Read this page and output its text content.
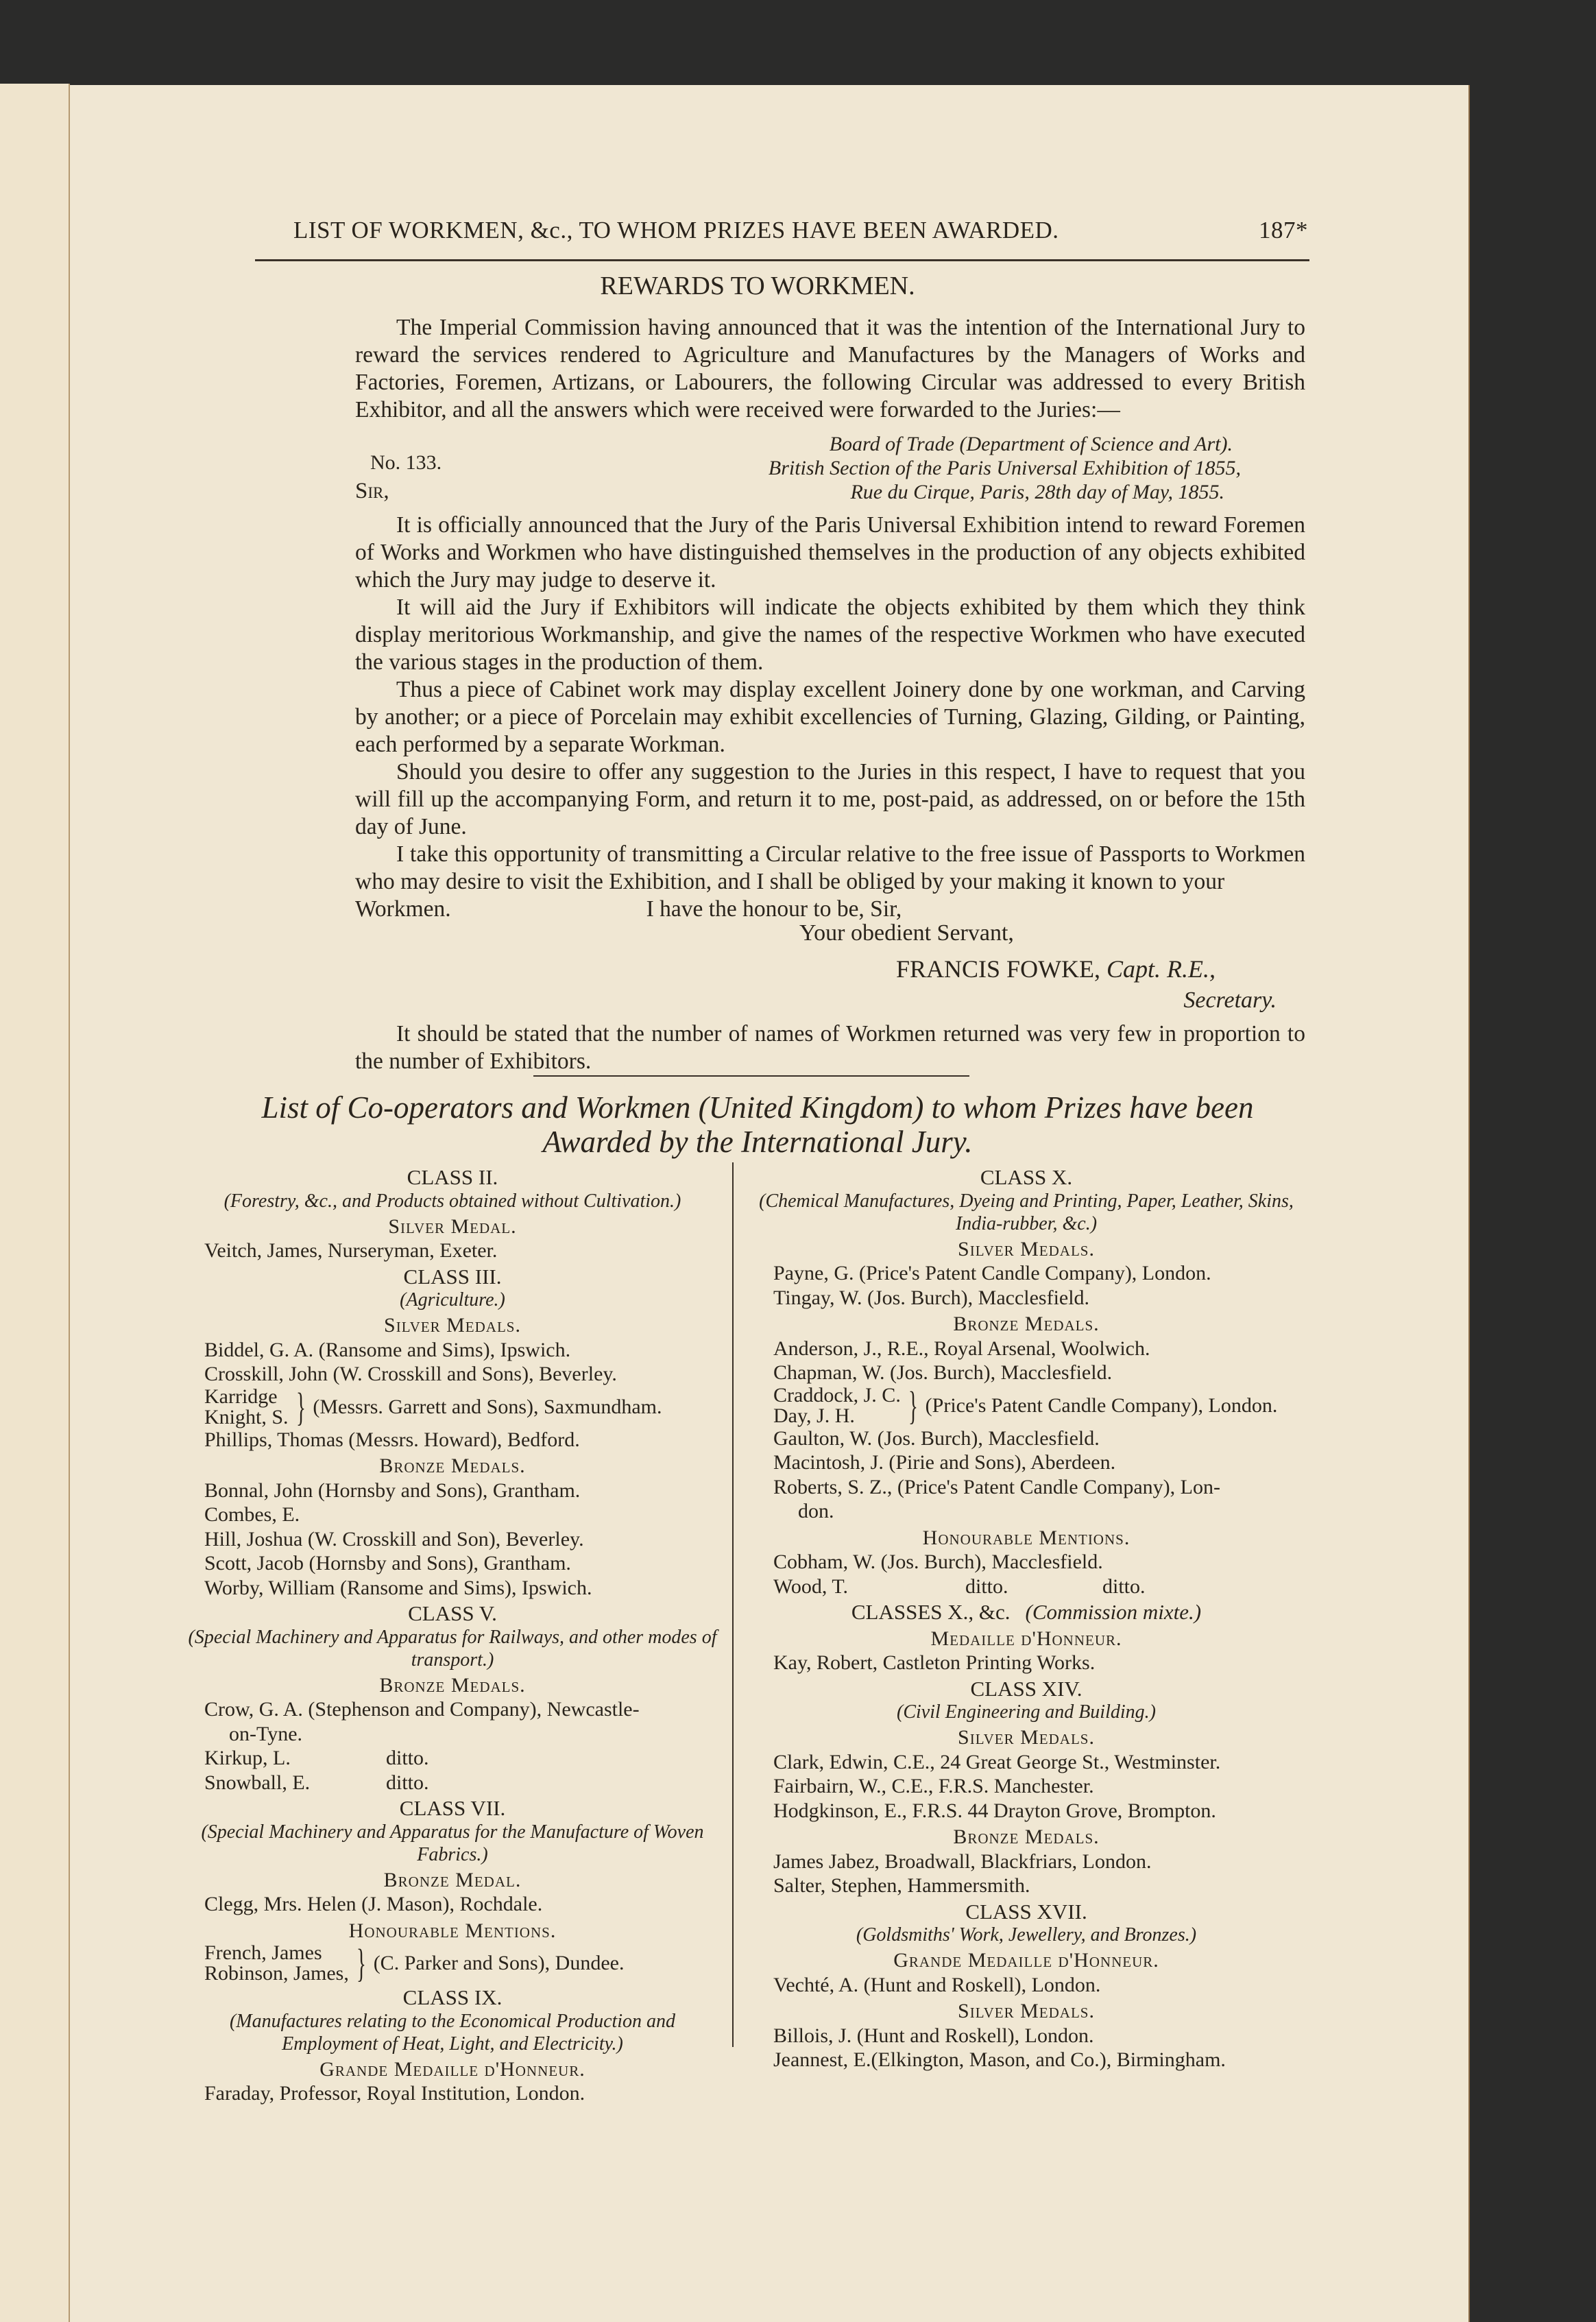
LIST OF WORKMEN, &c., TO WHOM PRIZES HAVE BEEN AWARDED.	187*
REWARDS TO WORKMEN.
The Imperial Commission having announced that it was the intention of the International Jury to reward the services rendered to Agriculture and Manufactures by the Managers of Works and Factories, Foremen, Artizans, or Labourers, the following Circular was addressed to every British Exhibitor, and all the answers which were received were forwarded to the Juries:—
Board of Trade (Department of Science and Art).
British Section of the Paris Universal Exhibition of 1855,
Rue du Cirque, Paris, 28th day of May, 1855.
No. 133.
Sir,

It is officially announced that the Jury of the Paris Universal Exhibition intend to reward Foremen of Works and Workmen who have distinguished themselves in the production of any objects exhibited which the Jury may judge to deserve it.

It will aid the Jury if Exhibitors will indicate the objects exhibited by them which they think display meritorious Workmanship, and give the names of the respective Workmen who have executed the various stages in the production of them.

Thus a piece of Cabinet work may display excellent Joinery done by one workman, and Carving by another; or a piece of Porcelain may exhibit excellencies of Turning, Glazing, Gilding, or Painting, each performed by a separate Workman.

Should you desire to offer any suggestion to the Juries in this respect, I have to request that you will fill up the accompanying Form, and return it to me, post-paid, as addressed, on or before the 15th day of June.

I take this opportunity of transmitting a Circular relative to the free issue of Passports to Workmen who may desire to visit the Exhibition, and I shall be obliged by your making it known to your

Workmen.	I have the honour to be, Sir,
Your obedient Servant,
FRANCIS FOWKE, Capt. R.E.,
Secretary.
It should be stated that the number of names of Workmen returned was very few in proportion to the number of Exhibitors.
List of Co-operators and Workmen (United Kingdom) to whom Prizes have been
Awarded by the International Jury.
CLASS II.
(Forestry, &c., and Products obtained without Cultivation.)
Silver Medal.
Veitch, James, Nurseryman, Exeter.
CLASS III.
(Agriculture.)
Silver Medals.
Biddel, G. A. (Ransome and Sims), Ipswich.
Crosskill, John (W. Crosskill and Sons), Beverley.
Karridge
Knight, S. } (Messrs. Garrett and Sons), Saxmundham.
Phillips, Thomas (Messrs. Howard), Bedford.
Bronze Medals.
Bonnal, John (Hornsby and Sons), Grantham.
Combes, E.
Hill, Joshua (W. Crosskill and Son), Beverley.
Scott, Jacob (Hornsby and Sons), Grantham.
Worby, William (Ransome and Sims), Ipswich.
CLASS V.
(Special Machinery and Apparatus for Railways, and other modes of transport.)
Bronze Medals.
Crow, G. A. (Stephenson and Company), Newcastle-
on-Tyne.
Kirkup, L.	ditto.
Snowball, E.	ditto.
CLASS VII.
(Special Machinery and Apparatus for the Manufacture of Woven Fabrics.)
Bronze Medal.
Clegg, Mrs. Helen (J. Mason), Rochdale.
Honourable Mentions.
French, James
Robinson, James, } (C. Parker and Sons), Dundee.
CLASS IX.
(Manufactures relating to the Economical Production and Employment of Heat, Light, and Electricity.)
Grande Medaille d'Honneur.
Faraday, Professor, Royal Institution, London.
CLASS X.
(Chemical Manufactures, Dyeing and Printing, Paper, Leather, Skins, India-rubber, &c.)
Silver Medals.
Payne, G. (Price's Patent Candle Company), London.
Tingay, W. (Jos. Burch), Macclesfield.
Bronze Medals.
Anderson, J., R.E., Royal Arsenal, Woolwich.
Chapman, W. (Jos. Burch), Macclesfield.
Craddock, J. C.
Day, J. H.	} (Price's Patent Candle Company), London.
Gaulton, W. (Jos. Burch), Macclesfield.
Macintosh, J. (Pirie and Sons), Aberdeen.
Roberts, S. Z., (Price's Patent Candle Company), Lon-
don.
Honourable Mentions.
Cobham, W. (Jos. Burch), Macclesfield.
Wood, T.	ditto.	ditto.
CLASSES X., &c. (Commission mixte.)
Medaille d'Honneur.
Kay, Robert, Castleton Printing Works.
CLASS XIV.
(Civil Engineering and Building.)
Silver Medals.
Clark, Edwin, C.E., 24 Great George St., Westminster.
Fairbairn, W., C.E., F.R.S. Manchester.
Hodgkinson, E., F.R.S. 44 Drayton Grove, Brompton.
Bronze Medals.
James Jabez, Broadwall, Blackfriars, London.
Salter, Stephen, Hammersmith.
CLASS XVII.
(Goldsmiths' Work, Jewellery, and Bronzes.)
Grande Medaille d'Honneur.
Vechté, A. (Hunt and Roskell), London.
Silver Medals.
Billois, J. (Hunt and Roskell), London.
Jeannest, E.(Elkington, Mason, and Co.), Birmingham.
